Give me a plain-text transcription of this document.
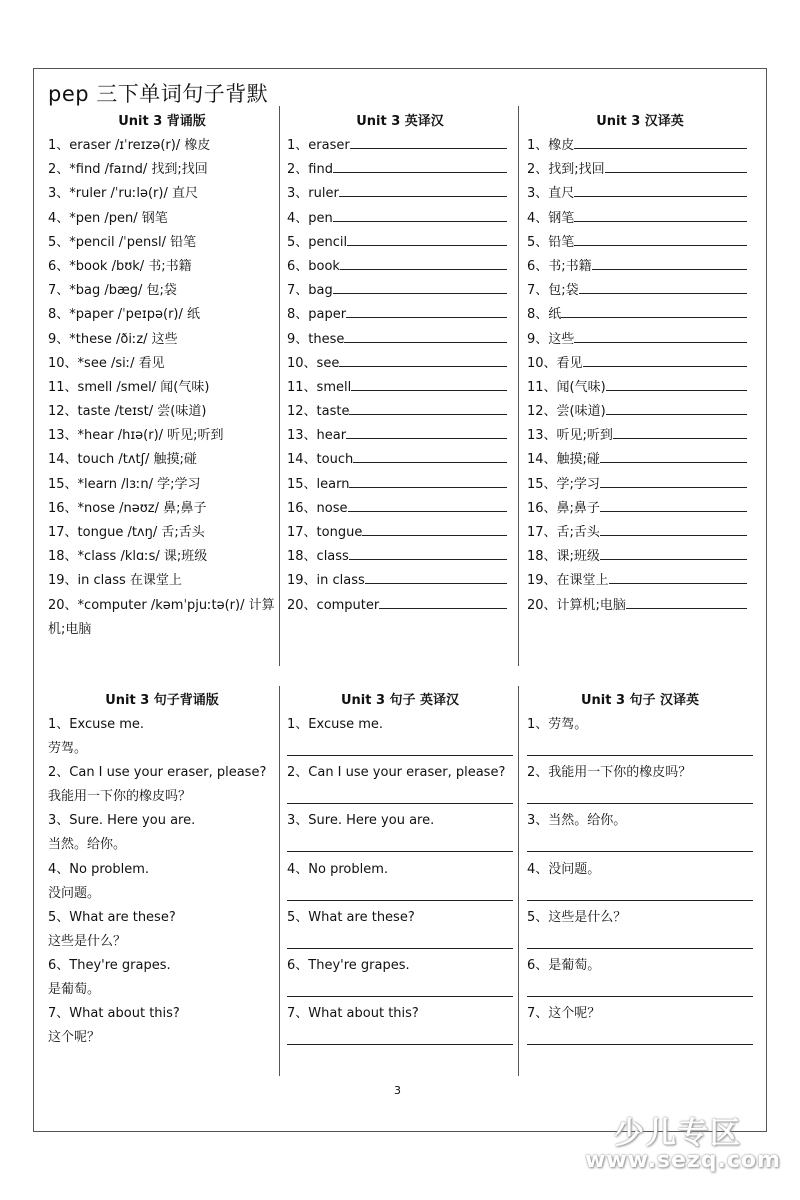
pep 三下单词句子背默
Unit 3 背诵版
1、eraser /ɪˈreɪzə(r)/ 橡皮
2、*find /faɪnd/ 找到;找回
3、*ruler /ˈruːlə(r)/ 直尺
4、*pen /pen/ 钢笔
5、*pencil /ˈpensl/ 铅笔
6、*book /bʊk/ 书;书籍
7、*bag /bæg/ 包;袋
8、*paper /ˈpeɪpə(r)/ 纸
9、*these /ðiːz/ 这些
10、*see /siː/ 看见
11、smell /smel/ 闻(气味)
12、taste /teɪst/ 尝(味道)
13、*hear /hɪə(r)/ 听见;听到
14、touch /tʌtʃ/ 触摸;碰
15、*learn /lɜːn/ 学;学习
16、*nose /nəʊz/ 鼻;鼻子
17、tongue /tʌŋ/ 舌;舌头
18、*class /klɑːs/ 课;班级
19、in class 在课堂上
20、*computer /kəmˈpjuːtə(r)/ 计算
机;电脑
Unit 3 英译汉
1、eraser
2、find
3、ruler
4、pen
5、pencil
6、book
7、bag
8、paper
9、these
10、see
11、smell
12、taste
13、hear
14、touch
15、learn
16、nose
17、tongue
18、class
19、in class
20、computer
Unit 3 汉译英
1、橡皮
2、找到;找回
3、直尺
4、钢笔
5、铅笔
6、书;书籍
7、包;袋
8、纸
9、这些
10、看见
11、闻(气味)
12、尝(味道)
13、听见;听到
14、触摸;碰
15、学;学习
16、鼻;鼻子
17、舌;舌头
18、课;班级
19、在课堂上
20、计算机;电脑
Unit 3 句子背诵版
1、Excuse me.
劳驾。
2、Can I use your eraser, please?
我能用一下你的橡皮吗？
3、Sure. Here you are.
当然。给你。
4、No problem.
没问题。
5、What are these?
这些是什么？
6、They're grapes.
是葡萄。
7、What about this?
这个呢？
Unit 3 句子 英译汉
1、Excuse me.
2、Can I use your eraser, please?
3、Sure. Here you are.
4、No problem.
5、What are these?
6、They're grapes.
7、What about this?
Unit 3 句子 汉译英
1、劳驾。
2、我能用一下你的橡皮吗？
3、当然。给你。
4、没问题。
5、这些是什么？
6、是葡萄。
7、这个呢？
3
少儿专区
www.sezq.com
